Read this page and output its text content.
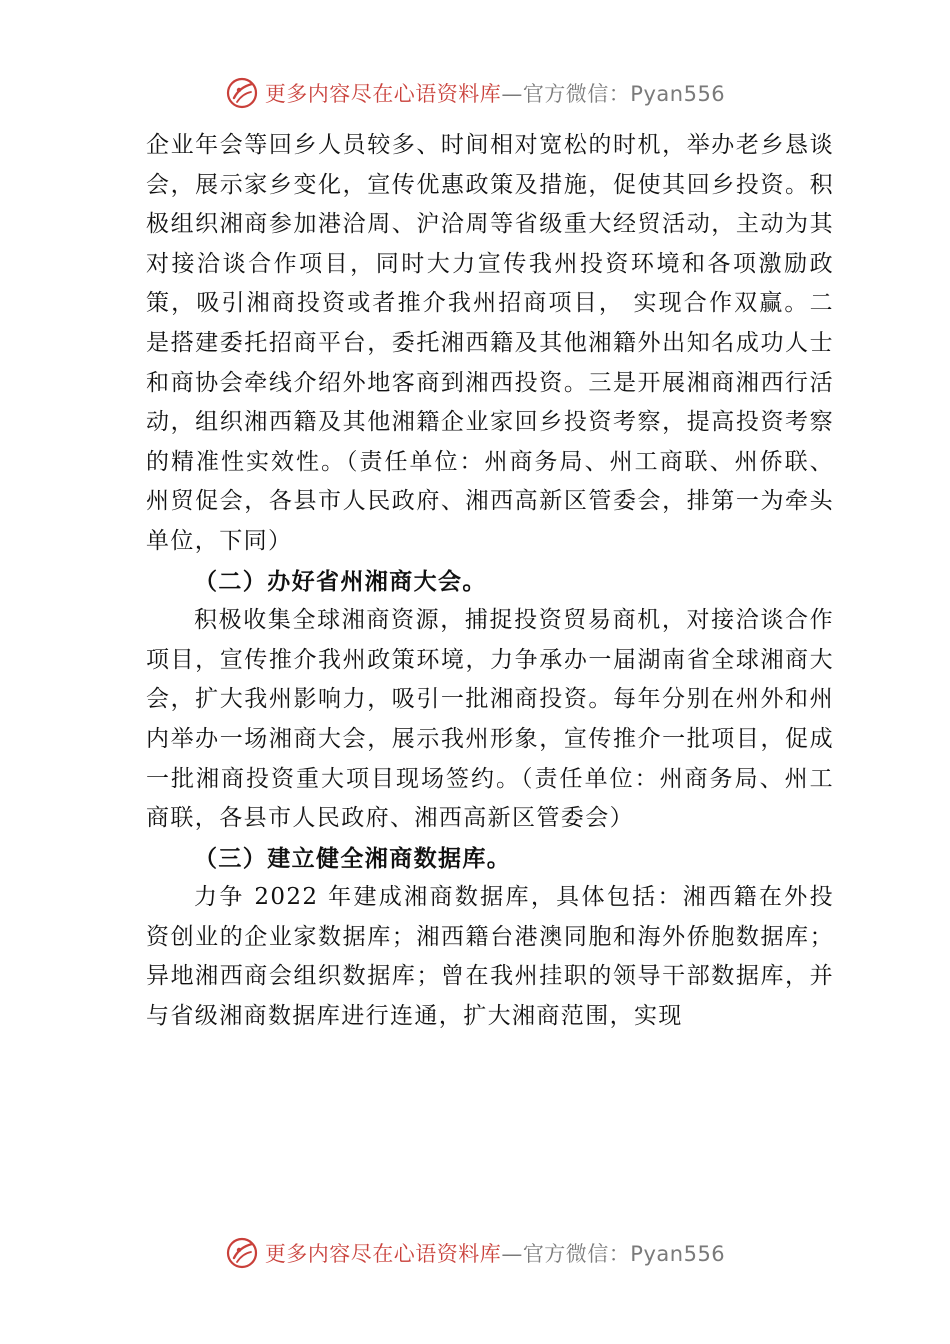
更多内容尽在心语资料库 —官方微信：Pyan556

企业年会等回乡人员较多、时间相对宽松的时机，举办老乡恳谈会，展示家乡变化，宣传优惠政策及措施，促使其回乡投资。积极组织湘商参加港洽周、沪洽周等省级重大经贸活动，主动为其对接洽谈合作项目，同时大力宣传我州投资环境和各项激励政策，吸引湘商投资或者推介我州招商项目， 实现合作双赢。二是搭建委托招商平台，委托湘西籍及其他湘籍外出知名成功人士和商协会牵线介绍外地客商到湘西投资。三是开展湘商湘西行活动，组织湘西籍及其他湘籍企业家回乡投资考察，提高投资考察的精准性实效性。（责任单位：州商务局、州工商联、州侨联、州贸促会，各县市人民政府、湘西高新区管委会，排第一为牵头单位，下同）

（二）办好省州湘商大会。

积极收集全球湘商资源，捕捉投资贸易商机，对接洽谈合作项目，宣传推介我州政策环境，力争承办一届湖南省全球湘商大会，扩大我州影响力，吸引一批湘商投资。每年分别在州外和州内举办一场湘商大会，展示我州形象，宣传推介一批项目，促成一批湘商投资重大项目现场签约。（责任单位：州商务局、州工商联，各县市人民政府、湘西高新区管委会）

（三）建立健全湘商数据库。

力争 2022 年建成湘商数据库，具体包括：湘西籍在外投资创业的企业家数据库；湘西籍台港澳同胞和海外侨胞数据库；异地湘西商会组织数据库；曾在我州挂职的领导干部数据库，并与省级湘商数据库进行连通，扩大湘商范围，实现

更多内容尽在心语资料库 —官方微信：Pyan556
